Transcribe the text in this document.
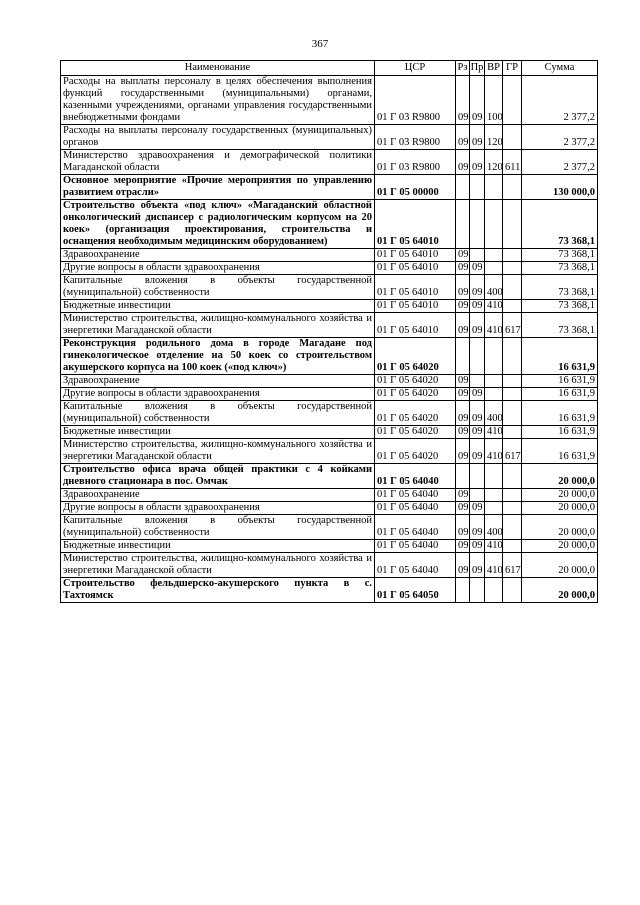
367
Наименование	ЦСР	Рз	Пр	ВР	ГР	Сумма
Расходы на выплаты персоналу в целях обеспечения выполнения функций государственными (муниципальными) органами, казенными учреждениями, органами управления государственными внебюджетными фондами	01 Г 03 R9800	09	09	100		2 377,2
Расходы на выплаты персоналу государственных (муниципальных) органов	01 Г 03 R9800	09	09	120		2 377,2
Министерство здравоохранения и демографической политики Магаданской области	01 Г 03 R9800	09	09	120	611	2 377,2
Основное мероприятие «Прочие мероприятия по управлению развитием отрасли»	01 Г 05 00000					130 000,0
Строительство объекта «под ключ» «Магаданский областной онкологический диспансер с радиологическим корпусом на 20 коек» (организация проектирования, строительства и оснащения необходимым медицинским оборудованием)	01 Г 05 64010					73 368,1
Здравоохранение	01 Г 05 64010	09				73 368,1
Другие вопросы в области здравоохранения	01 Г 05 64010	09	09			73 368,1
Капитальные вложения в объекты государственной (муниципальной) собственности	01 Г 05 64010	09	09	400		73 368,1
Бюджетные инвестиции	01 Г 05 64010	09	09	410		73 368,1
Министерство строительства, жилищно-коммунального хозяйства и энергетики Магаданской области	01 Г 05 64010	09	09	410	617	73 368,1
Реконструкция родильного дома в городе Магадане под гинекологическое отделение на 50 коек со строительством акушерского корпуса на 100 коек («под ключ»)	01 Г 05 64020					16 631,9
Здравоохранение	01 Г 05 64020	09				16 631,9
Другие вопросы в области здравоохранения	01 Г 05 64020	09	09			16 631,9
Капитальные вложения в объекты государственной (муниципальной) собственности	01 Г 05 64020	09	09	400		16 631,9
Бюджетные инвестиции	01 Г 05 64020	09	09	410		16 631,9
Министерство строительства, жилищно-коммунального хозяйства и энергетики Магаданской области	01 Г 05 64020	09	09	410	617	16 631,9
Строительство офиса врача общей практики с 4 койками дневного стационара в пос. Омчак	01 Г 05 64040					20 000,0
Здравоохранение	01 Г 05 64040	09				20 000,0
Другие вопросы в области здравоохранения	01 Г 05 64040	09	09			20 000,0
Капитальные вложения в объекты государственной (муниципальной) собственности	01 Г 05 64040	09	09	400		20 000,0
Бюджетные инвестиции	01 Г 05 64040	09	09	410		20 000,0
Министерство строительства, жилищно-коммунального хозяйства и энергетики Магаданской области	01 Г 05 64040	09	09	410	617	20 000,0
Строительство фельдшерско-акушерского пункта в с. Тахтоямск	01 Г 05 64050					20 000,0
